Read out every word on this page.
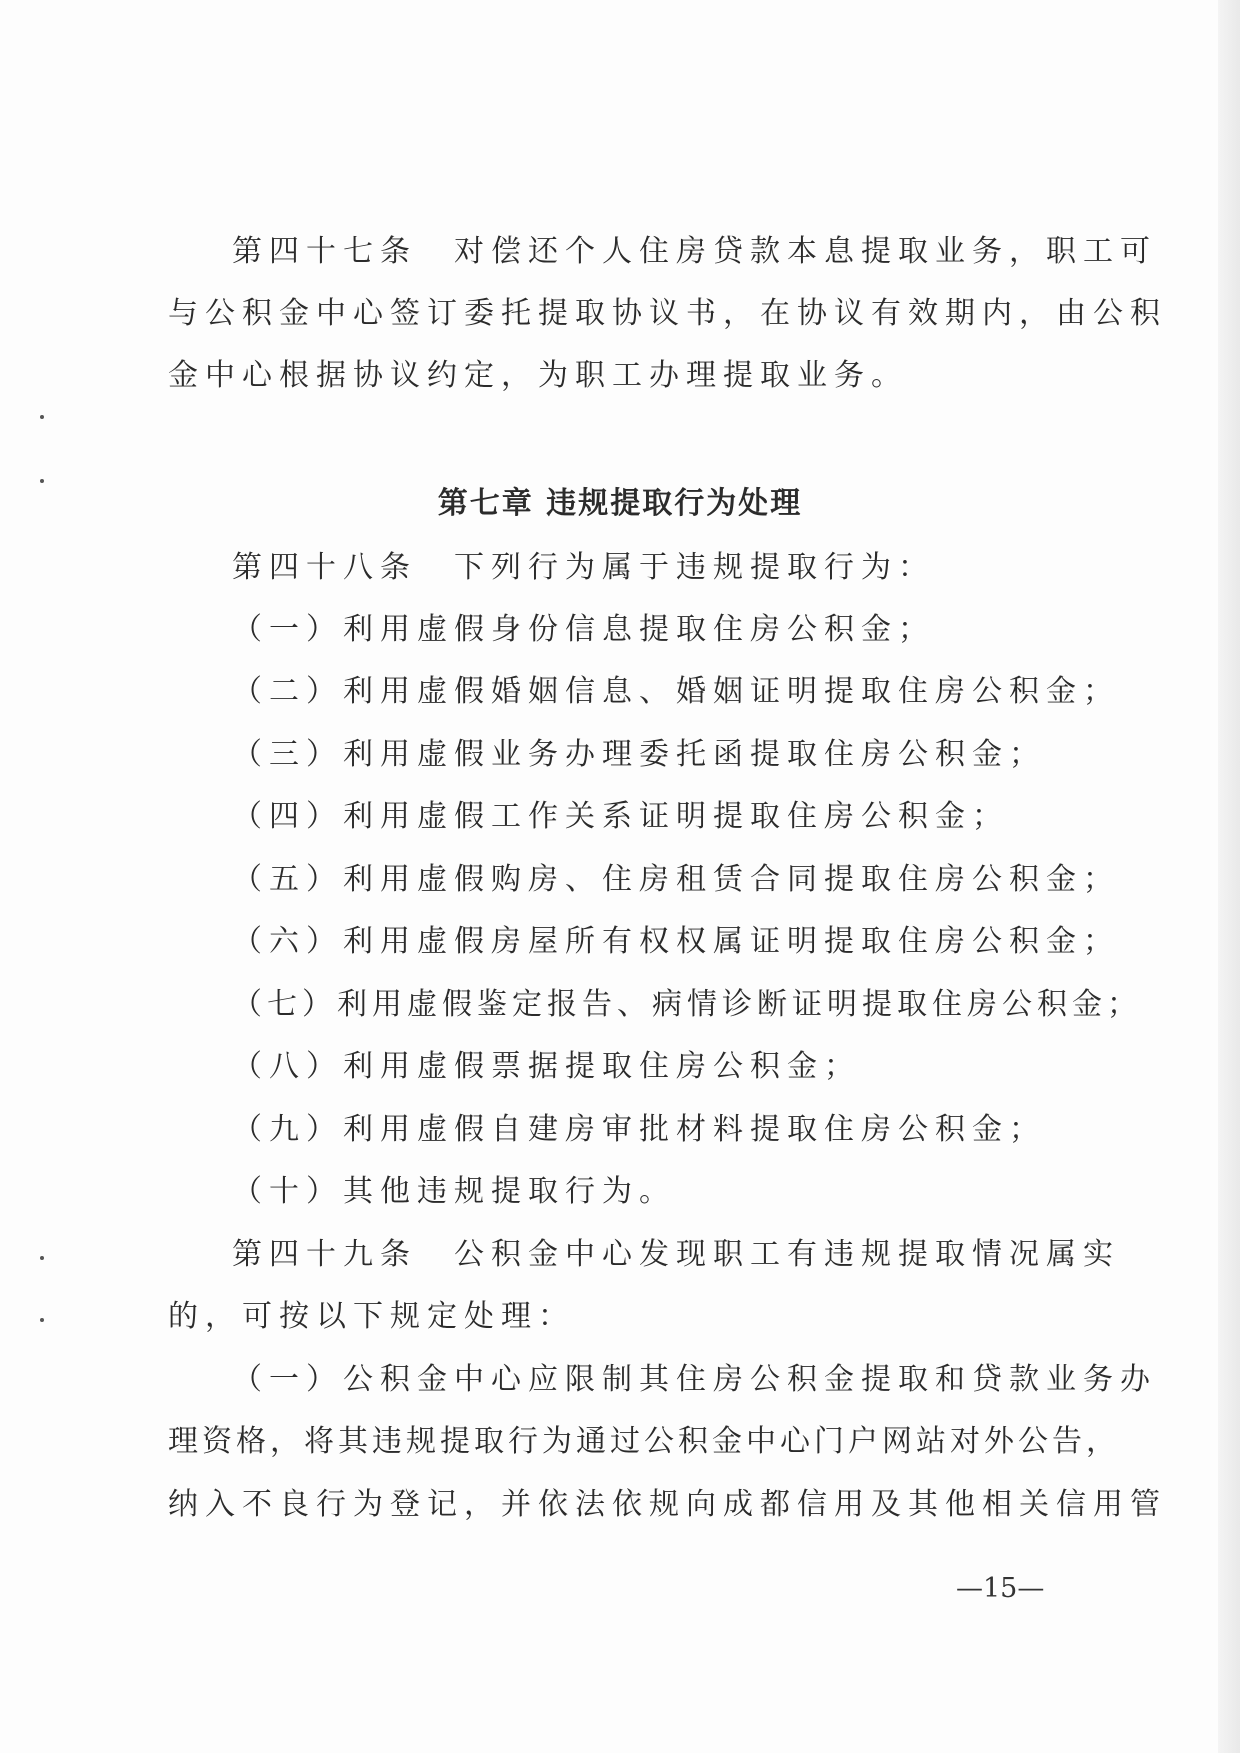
第四十七条　对偿还个人住房贷款本息提取业务，职工可
与公积金中心签订委托提取协议书，在协议有效期内，由公积
金中心根据协议约定，为职工办理提取业务。
第七章 违规提取行为处理
第四十八条　下列行为属于违规提取行为：
（一）利用虚假身份信息提取住房公积金；
（二）利用虚假婚姻信息、婚姻证明提取住房公积金；
（三）利用虚假业务办理委托函提取住房公积金；
（四）利用虚假工作关系证明提取住房公积金；
（五）利用虚假购房、住房租赁合同提取住房公积金；
（六）利用虚假房屋所有权权属证明提取住房公积金；
（七）利用虚假鉴定报告、病情诊断证明提取住房公积金；
（八）利用虚假票据提取住房公积金；
（九）利用虚假自建房审批材料提取住房公积金；
（十）其他违规提取行为。
第四十九条　公积金中心发现职工有违规提取情况属实
的，可按以下规定处理：
（一）公积金中心应限制其住房公积金提取和贷款业务办
理资格，将其违规提取行为通过公积金中心门户网站对外公告，
纳入不良行为登记，并依法依规向成都信用及其他相关信用管
—15—
